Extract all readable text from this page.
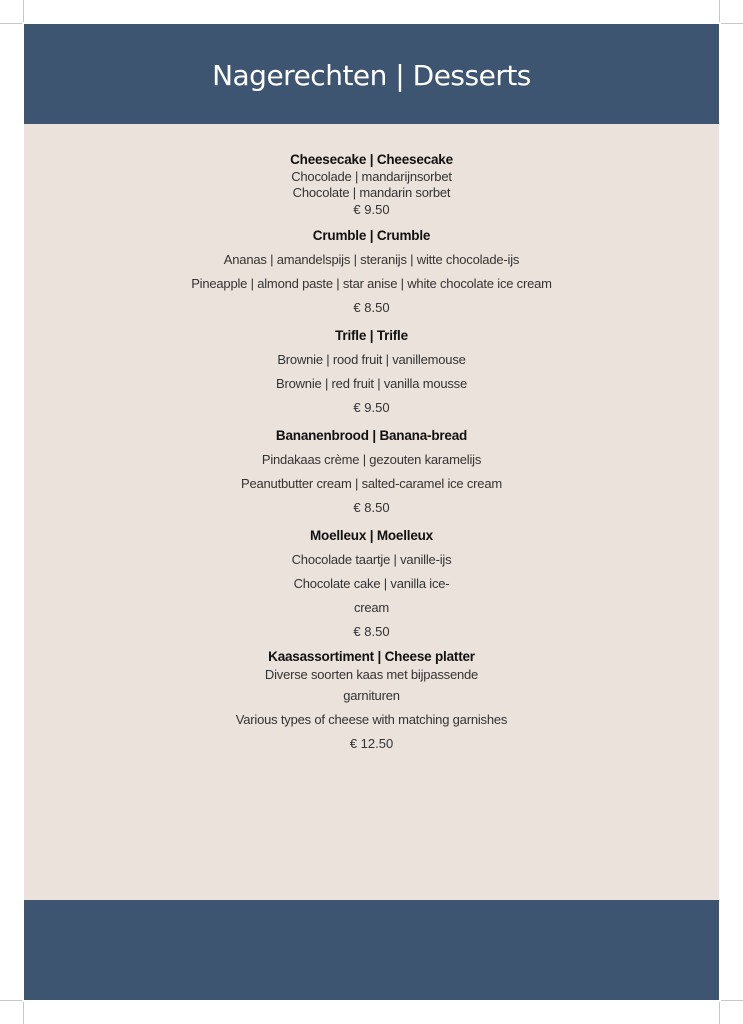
Nagerechten | Desserts
Cheesecake | Cheesecake
Chocolade | mandarijnsorbet
Chocolate | mandarin sorbet
€ 9.50
Crumble | Crumble
Ananas | amandelspijs | steranijs | witte chocolade-ijs
Pineapple | almond paste | star anise | white chocolate ice cream
€ 8.50
Trifle | Trifle
Brownie | rood fruit | vanillemouse
Brownie | red fruit | vanilla mousse
€ 9.50
Bananenbrood | Banana-bread
Pindakaas crème | gezouten karamelijs
Peanutbutter cream | salted-caramel ice cream
€ 8.50
Moelleux | Moelleux
Chocolade taartje | vanille-ijs
Chocolate cake | vanilla ice-
cream
€ 8.50
Kaasassortiment | Cheese platter
Diverse soorten kaas met bijpassende
garnituren
Various types of cheese with matching garnishes
€ 12.50
